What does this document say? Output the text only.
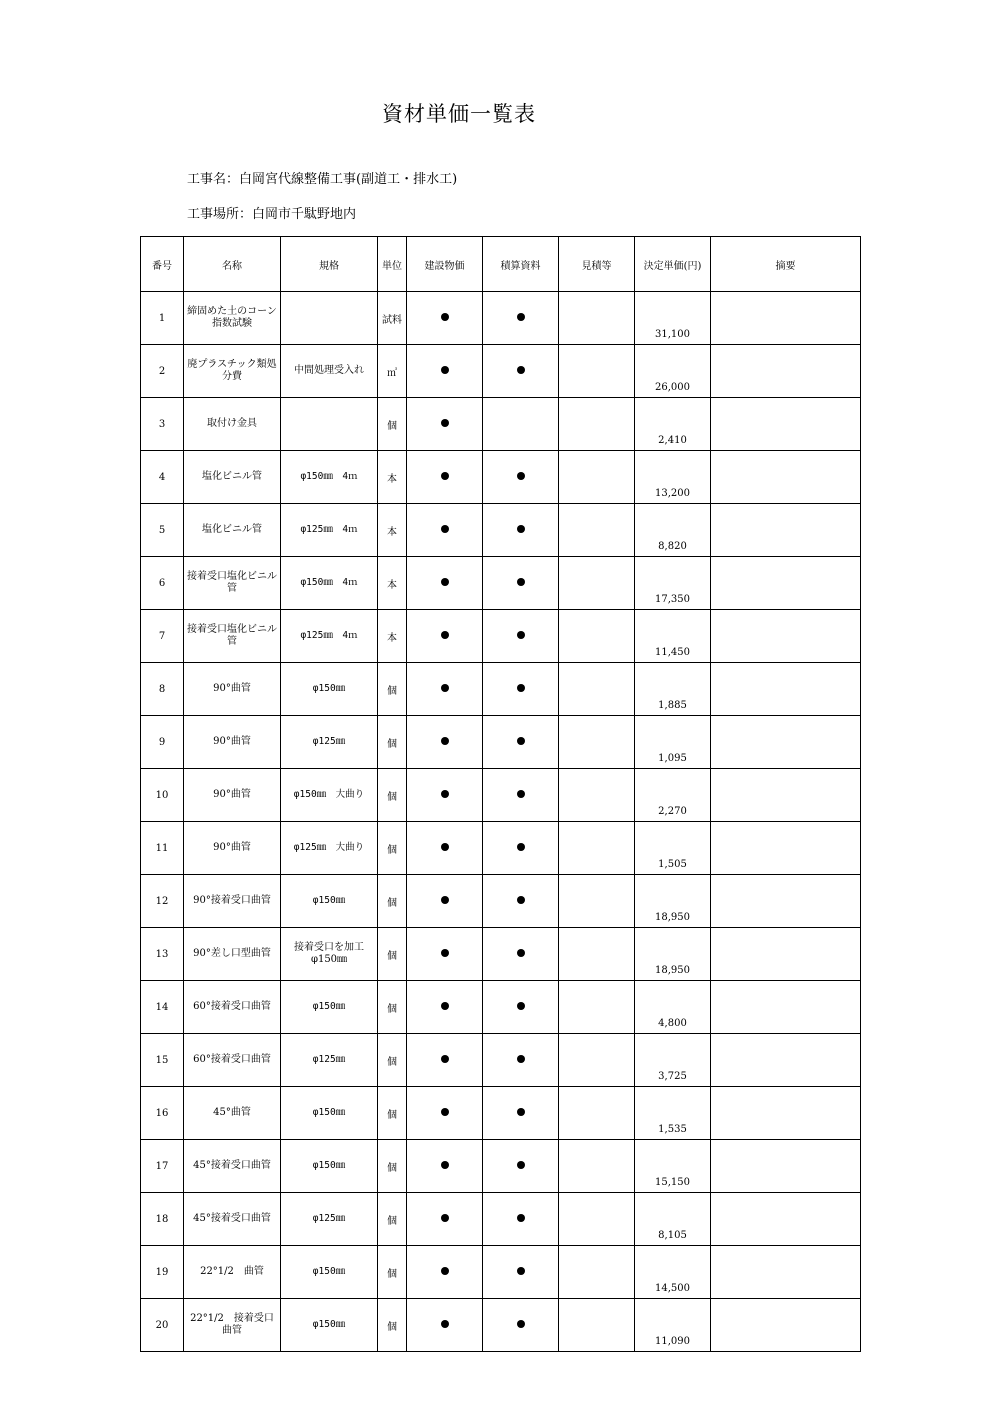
資材単価一覧表
工事名：白岡宮代線整備工事(副道工・排水工)
工事場所：白岡市千駄野地内
番号	名称	規格	単位	建設物価	積算資料	見積等	決定単価(円)	摘要
1	締固めた土のコーン指数試験		試料				31,100	

2	廃プラスチック類処分費	中間処理受入れ	㎥				26,000	

3	取付け金具		個				2,410	

4	塩化ビニル管	φ150㎜　4ｍ	本				13,200	

5	塩化ビニル管	φ125㎜　4ｍ	本				8,820	

6	接着受口塩化ビニル管	φ150㎜　4ｍ	本				17,350	

7	接着受口塩化ビニル管	φ125㎜　4ｍ	本				11,450	

8	90°曲管	φ150㎜	個				1,885	

9	90°曲管	φ125㎜	個				1,095	

10	90°曲管	φ150㎜　大曲り	個				2,270	

11	90°曲管	φ125㎜　大曲り	個				1,505	

12	90°接着受口曲管	φ150㎜	個				18,950	

13	90°差し口型曲管	接着受口を加工 φ150㎜	個				18,950	

14	60°接着受口曲管	φ150㎜	個				4,800	

15	60°接着受口曲管	φ125㎜	個				3,725	

16	45°曲管	φ150㎜	個				1,535	

17	45°接着受口曲管	φ150㎜	個				15,150	

18	45°接着受口曲管	φ125㎜	個				8,105	

19	22°1/2　曲管	φ150㎜	個				14,500	

20	22°1/2　接着受口曲管	φ150㎜	個				11,090	
